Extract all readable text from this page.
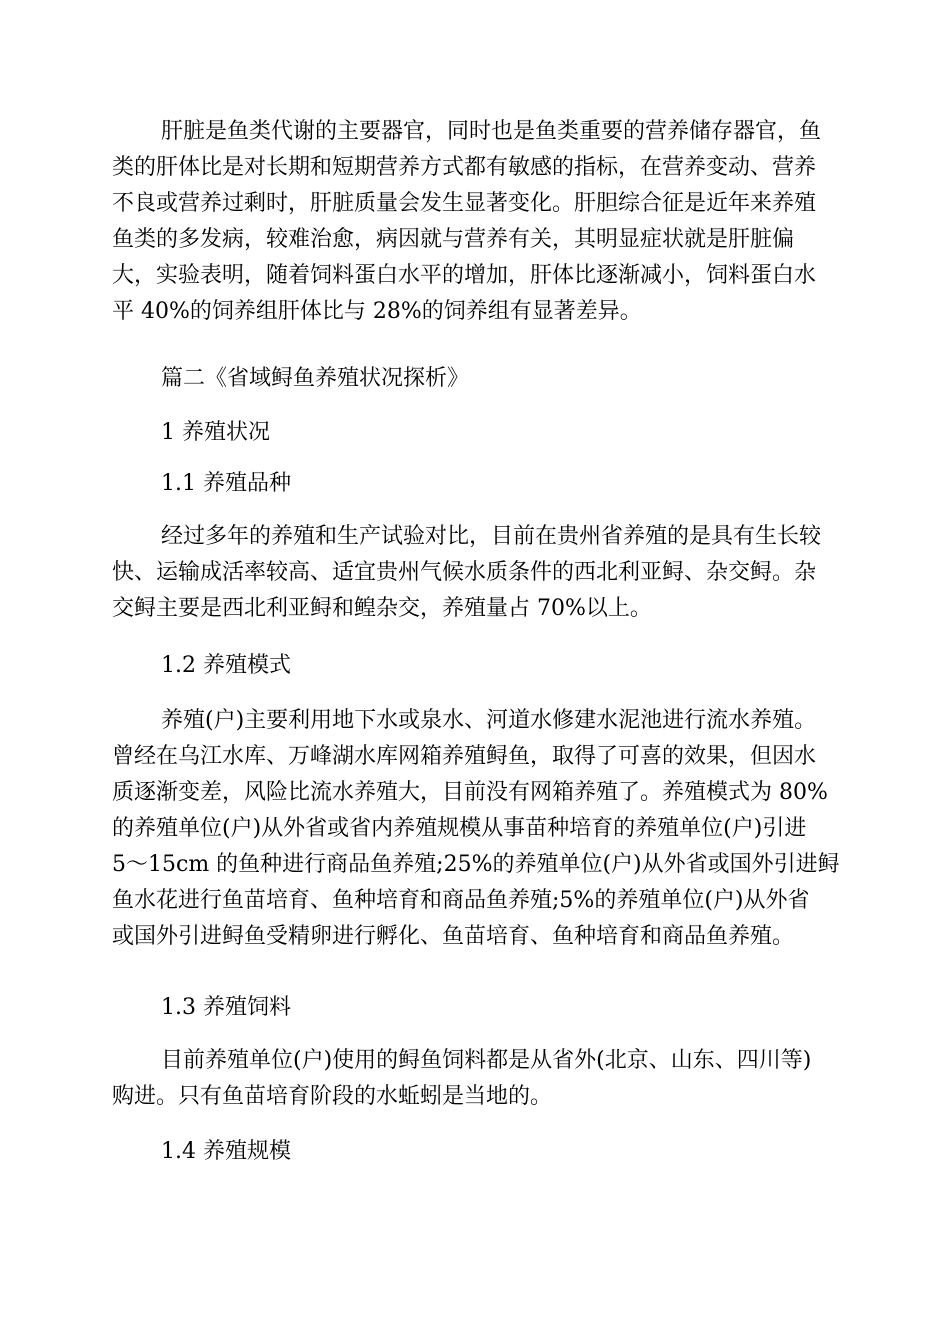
肝脏是鱼类代谢的主要器官，同时也是鱼类重要的营养储存器官，鱼
类的肝体比是对长期和短期营养方式都有敏感的指标，在营养变动、营养
不良或营养过剩时，肝脏质量会发生显著变化。肝胆综合征是近年来养殖
鱼类的多发病，较难治愈，病因就与营养有关，其明显症状就是肝脏偏
大，实验表明，随着饲料蛋白水平的增加，肝体比逐渐减小，饲料蛋白水
平 40%的饲养组肝体比与 28%的饲养组有显著差异。
篇二《省域鲟鱼养殖状况探析》
1 养殖状况
1.1 养殖品种
经过多年的养殖和生产试验对比，目前在贵州省养殖的是具有生长较
快、运输成活率较高、适宜贵州气候水质条件的西北利亚鲟、杂交鲟。杂
交鲟主要是西北利亚鲟和鳇杂交，养殖量占 70%以上。
1.2 养殖模式
养殖(户)主要利用地下水或泉水、河道水修建水泥池进行流水养殖。
曾经在乌江水库、万峰湖水库网箱养殖鲟鱼，取得了可喜的效果，但因水
质逐渐变差，风险比流水养殖大，目前没有网箱养殖了。养殖模式为 80%
的养殖单位(户)从外省或省内养殖规模从事苗种培育的养殖单位(户)引进
5～15cm 的鱼种进行商品鱼养殖;25%的养殖单位(户)从外省或国外引进鲟
鱼水花进行鱼苗培育、鱼种培育和商品鱼养殖;5%的养殖单位(户)从外省
或国外引进鲟鱼受精卵进行孵化、鱼苗培育、鱼种培育和商品鱼养殖。
1.3 养殖饲料
目前养殖单位(户)使用的鲟鱼饲料都是从省外(北京、山东、四川等)
购进。只有鱼苗培育阶段的水蚯蚓是当地的。
1.4 养殖规模
